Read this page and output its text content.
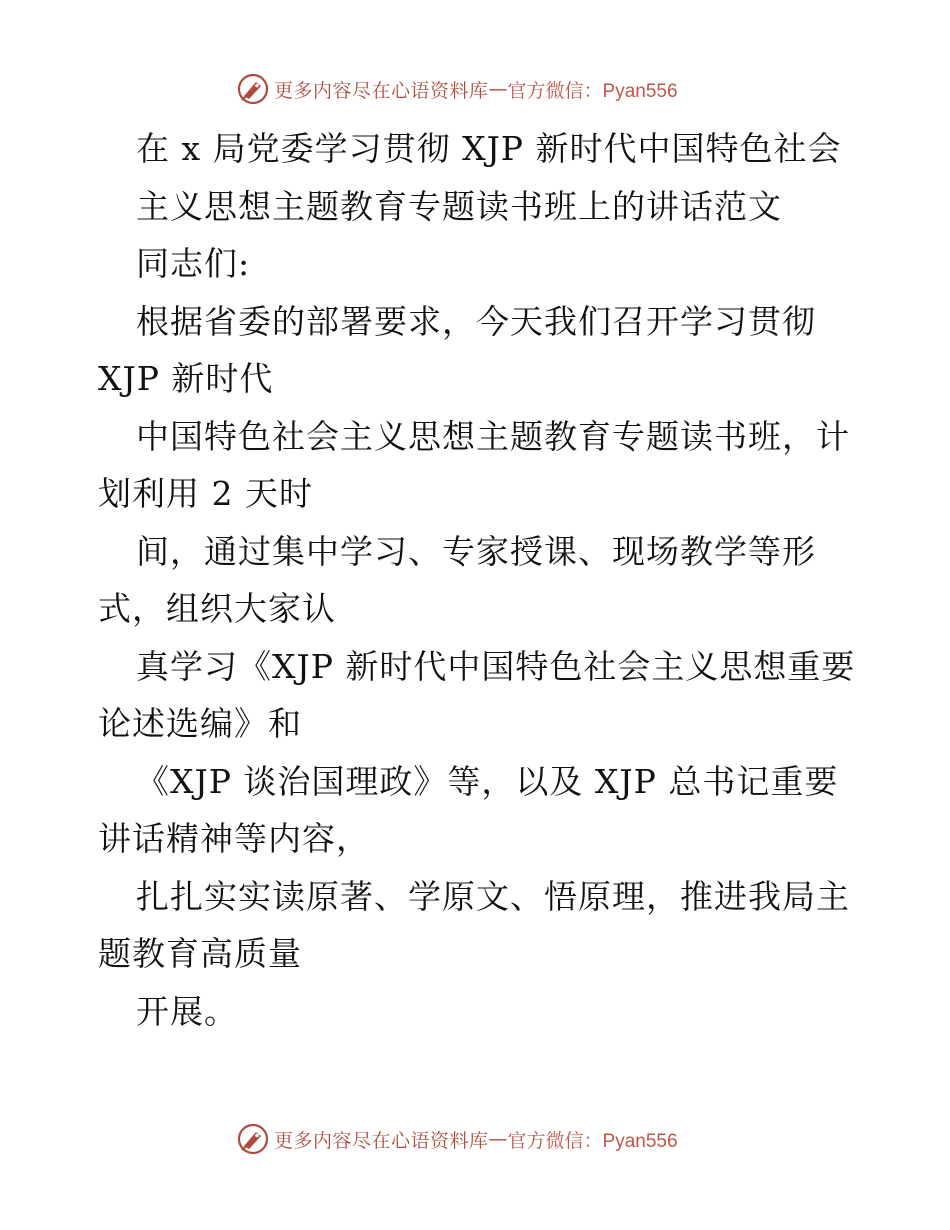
更多内容尽在心语资料库 — 官方微信：Pyan556
在 x 局党委学习贯彻 XJP 新时代中国特色社会
主义思想主题教育专题读书班上的讲话范文
同志们:
根据省委的部署要求，今天我们召开学习贯彻
XJP 新时代
中国特色社会主义思想主题教育专题读书班，计
划利用 2 天时
间，通过集中学习、专家授课、现场教学等形
式，组织大家认
真学习《XJP 新时代中国特色社会主义思想重要
论述选编》和
《XJP 谈治国理政》等，以及 XJP 总书记重要
讲话精神等内容，
扎扎实实读原著、学原文、悟原理，推进我局主
题教育高质量
开展。
更多内容尽在心语资料库 — 官方微信：Pyan556
